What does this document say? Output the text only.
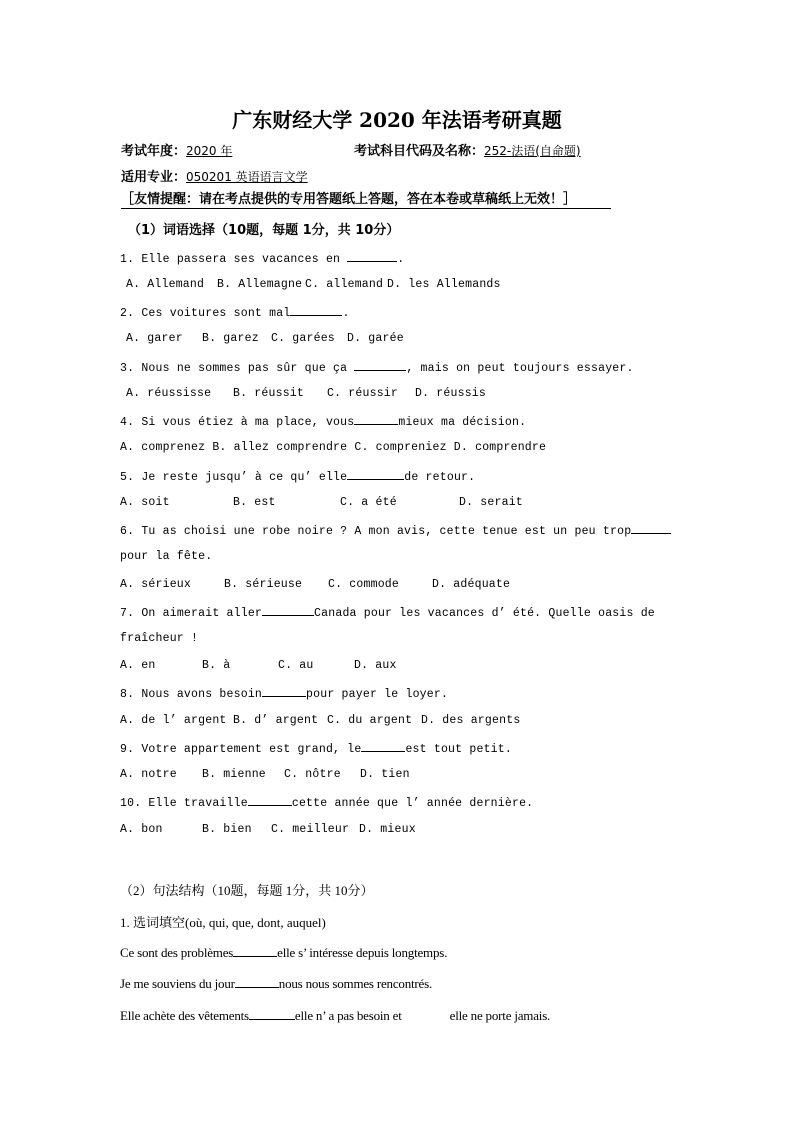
广东财经大学 2020 年法语考研真题
考试年度：2020 年	考试科目代码及名称：252-法语(自命题)
适用专业：050201 英语语言文学
［友情提醒：请在考点提供的专用答题纸上答题，答在本卷或草稿纸上无效！］
（1）词语选择（10题，每题 1分，共 10分）
1. Elle passera ses vacances en	.
A. Allemand B. Allemagne C. allemand D. les Allemands
2. Ces voitures sont mal	.
A. garer B. garez C. garées D. garée
3. Nous ne sommes pas sûr que ça	, mais on peut toujours essayer.
A. réussisse B. réussit C. réussir D. réussis
4. Si vous étiez à ma place, vous	mieux ma décision.
A. comprenez B. allez comprendre C. compreniez D. comprendre
5. Je reste jusqu’ à ce qu’ elle	de retour.
A. soit	B. est	C. a été	D. serait
6. Tu as choisi une robe noire ? A mon avis, cette tenue est un peu trop
pour la fête.
A. sérieux	B. sérieuse C. commode	D. adéquate
7. On aimerait aller	Canada pour les vacances d’ été. Quelle oasis de
fraîcheur !
A. en	B. à	C. au	D. aux
8. Nous avons besoin	pour payer le loyer.
A. de l’ argent B. d’ argent C. du argent D. des argents
9. Votre appartement est grand, le	est tout petit.
A. notre B. mienne C. nôtre D. tien
10. Elle travaille	cette année que l’ année dernière.
A. bon	B. bien C. meilleur D. mieux
（2）句法结构（10题，每题 1分，共 10分）
1. 选词填空(où, qui, que, dont, auquel)
Ce sont des problèmes	elle s’ intéresse depuis longtemps.
Je me souviens du jour	nous nous sommes rencontrés.
Elle achète des vêtements	elle n’ a pas besoin et	elle ne porte jamais.
